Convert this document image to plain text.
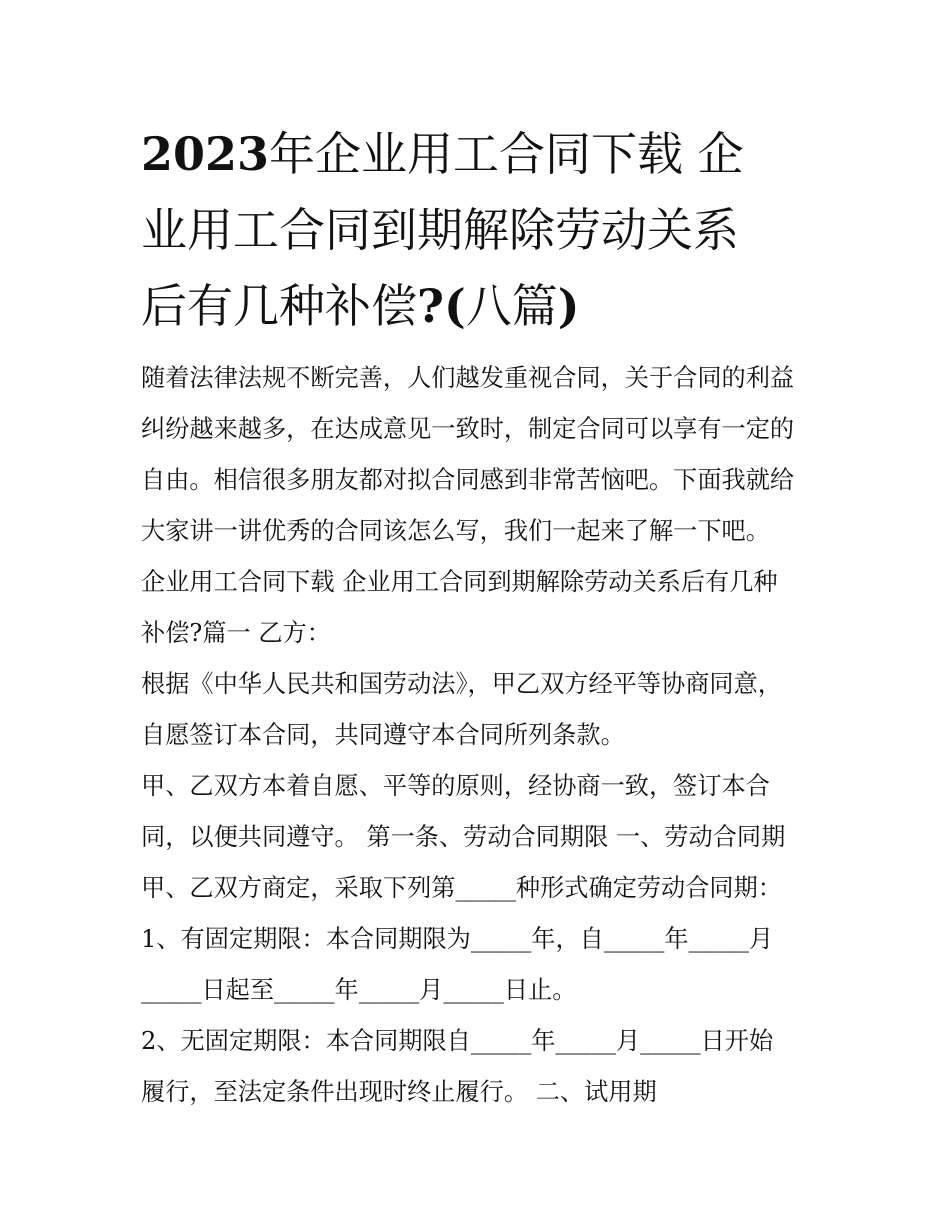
2023年企业用工合同下载 企
业用工合同到期解除劳动关系
后有几种补偿?(八篇)
随着法律法规不断完善，人们越发重视合同，关于合同的利益
纠纷越来越多，在达成意见一致时，制定合同可以享有一定的
自由。相信很多朋友都对拟合同感到非常苦恼吧。下面我就给
大家讲一讲优秀的合同该怎么写，我们一起来了解一下吧。
企业用工合同下载 企业用工合同到期解除劳动关系后有几种
补偿?篇一 乙方：
根据《中华人民共和国劳动法》，甲乙双方经平等协商同意，
自愿签订本合同，共同遵守本合同所列条款。
甲、乙双方本着自愿、平等的原则，经协商一致，签订本合
同，以便共同遵守。 第一条、劳动合同期限 一、劳动合同期
甲、乙双方商定，采取下列第_____种形式确定劳动合同期：
1、有固定期限：本合同期限为_____年，自_____年_____月
_____日起至_____年_____月_____日止。
2、无固定期限：本合同期限自_____年_____月_____日开始
履行，至法定条件出现时终止履行。 二、试用期
